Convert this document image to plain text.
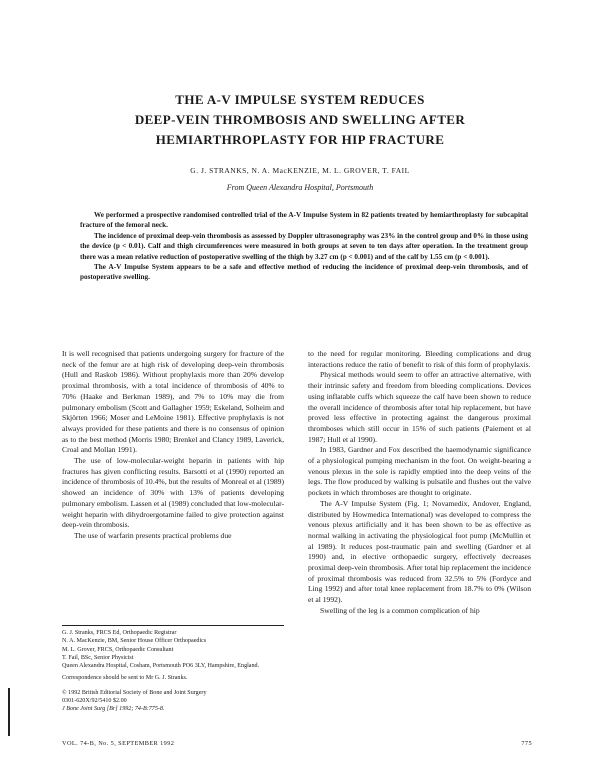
THE A-V IMPULSE SYSTEM REDUCES
DEEP-VEIN THROMBOSIS AND SWELLING AFTER
HEMIARTHROPLASTY FOR HIP FRACTURE
G. J. STRANKS, N. A. MacKENZIE, M. L. GROVER, T. FAIL
From Queen Alexandra Hospital, Portsmouth

We performed a prospective randomised controlled trial of the A-V Impulse System in 82 patients treated by hemiarthroplasty for subcapital fracture of the femoral neck.

The incidence of proximal deep-vein thrombosis as assessed by Doppler ultrasonography was 23% in the control group and 0% in those using the device (p < 0.01). Calf and thigh circumferences were measured in both groups at seven to ten days after operation. In the treatment group there was a mean relative reduction of postoperative swelling of the thigh by 3.27 cm (p < 0.001) and of the calf by 1.55 cm (p < 0.001).

The A-V Impulse System appears to be a safe and effective method of reducing the incidence of proximal deep-vein thrombosis, and of postoperative swelling.

It is well recognised that patients undergoing surgery for fracture of the neck of the femur are at high risk of developing deep-vein thrombosis (Hull and Raskob 1986). Without prophylaxis more than 20% develop proximal thrombosis, with a total incidence of thrombosis of 40% to 70% (Haake and Berkman 1989), and 7% to 10% may die from pulmonary embolism (Scott and Gallagher 1959; Eskeland, Solheim and Skjörten 1966; Moser and LeMoine 1981). Effective prophylaxis is not always provided for these patients and there is no consensus of opinion as to the best method (Morris 1980; Brenkel and Clancy 1989, Laverick, Croal and Mollan 1991).

The use of low-molecular-weight heparin in patients with hip fractures has given conflicting results. Barsotti et al (1990) reported an incidence of thrombosis of 10.4%, but the results of Monreal et al (1989) showed an incidence of 30% with 13% of patients developing pulmonary embolism. Lassen et al (1989) concluded that low-molecular-weight heparin with dihydroergotamine failed to give protection against deep-vein thrombosis.

The use of warfarin presents practical problems due

to the need for regular monitoring. Bleeding complications and drug interactions reduce the ratio of benefit to risk of this form of prophylaxis.

Physical methods would seem to offer an attractive alternative, with their intrinsic safety and freedom from bleeding complications. Devices using inflatable cuffs which squeeze the calf have been shown to reduce the overall incidence of thrombosis after total hip replacement, but have proved less effective in protecting against the dangerous proximal thromboses which still occur in 15% of such patients (Paiement et al 1987; Hull et al 1990).

In 1983, Gardner and Fox described the haemodynamic significance of a physiological pumping mechanism in the foot. On weight-bearing a venous plexus in the sole is rapidly emptied into the deep veins of the legs. The flow produced by walking is pulsatile and flushes out the valve pockets in which thromboses are thought to originate.

The A-V Impulse System (Fig. 1; Novamedix, Andover, England, distributed by Howmedica International) was developed to compress the venous plexus artificially and it has been shown to be as effective as normal walking in activating the physiological foot pump (McMullin et al 1989). It reduces post-traumatic pain and swelling (Gardner et al 1990) and, in elective orthopaedic surgery, effectively decreases proximal deep-vein thrombosis. After total hip replacement the incidence of proximal thrombosis was reduced from 32.5% to 5% (Fordyce and Ling 1992) and after total knee replacement from 18.7% to 0% (Wilson et al 1992).

Swelling of the leg is a common complication of hip

G. J. Stranks, FRCS Ed, Orthopaedic Registrar
N. A. MacKenzie, BM, Senior House Officer Orthopaedics
M. L. Grover, FRCS, Orthopaedic Consultant
T. Fail, BSc, Senior Physicist
Queen Alexandra Hospital, Cosham, Portsmouth PO6 3LY, Hampshire, England.
Correspondence should be sent to Mr G. J. Stranks.
© 1992 British Editorial Society of Bone and Joint Surgery
0301-620X/92/5410 $2.00
J Bone Joint Surg [Br] 1992; 74-B:775-8.
VOL. 74-B, No. 5, SEPTEMBER 1992	775
